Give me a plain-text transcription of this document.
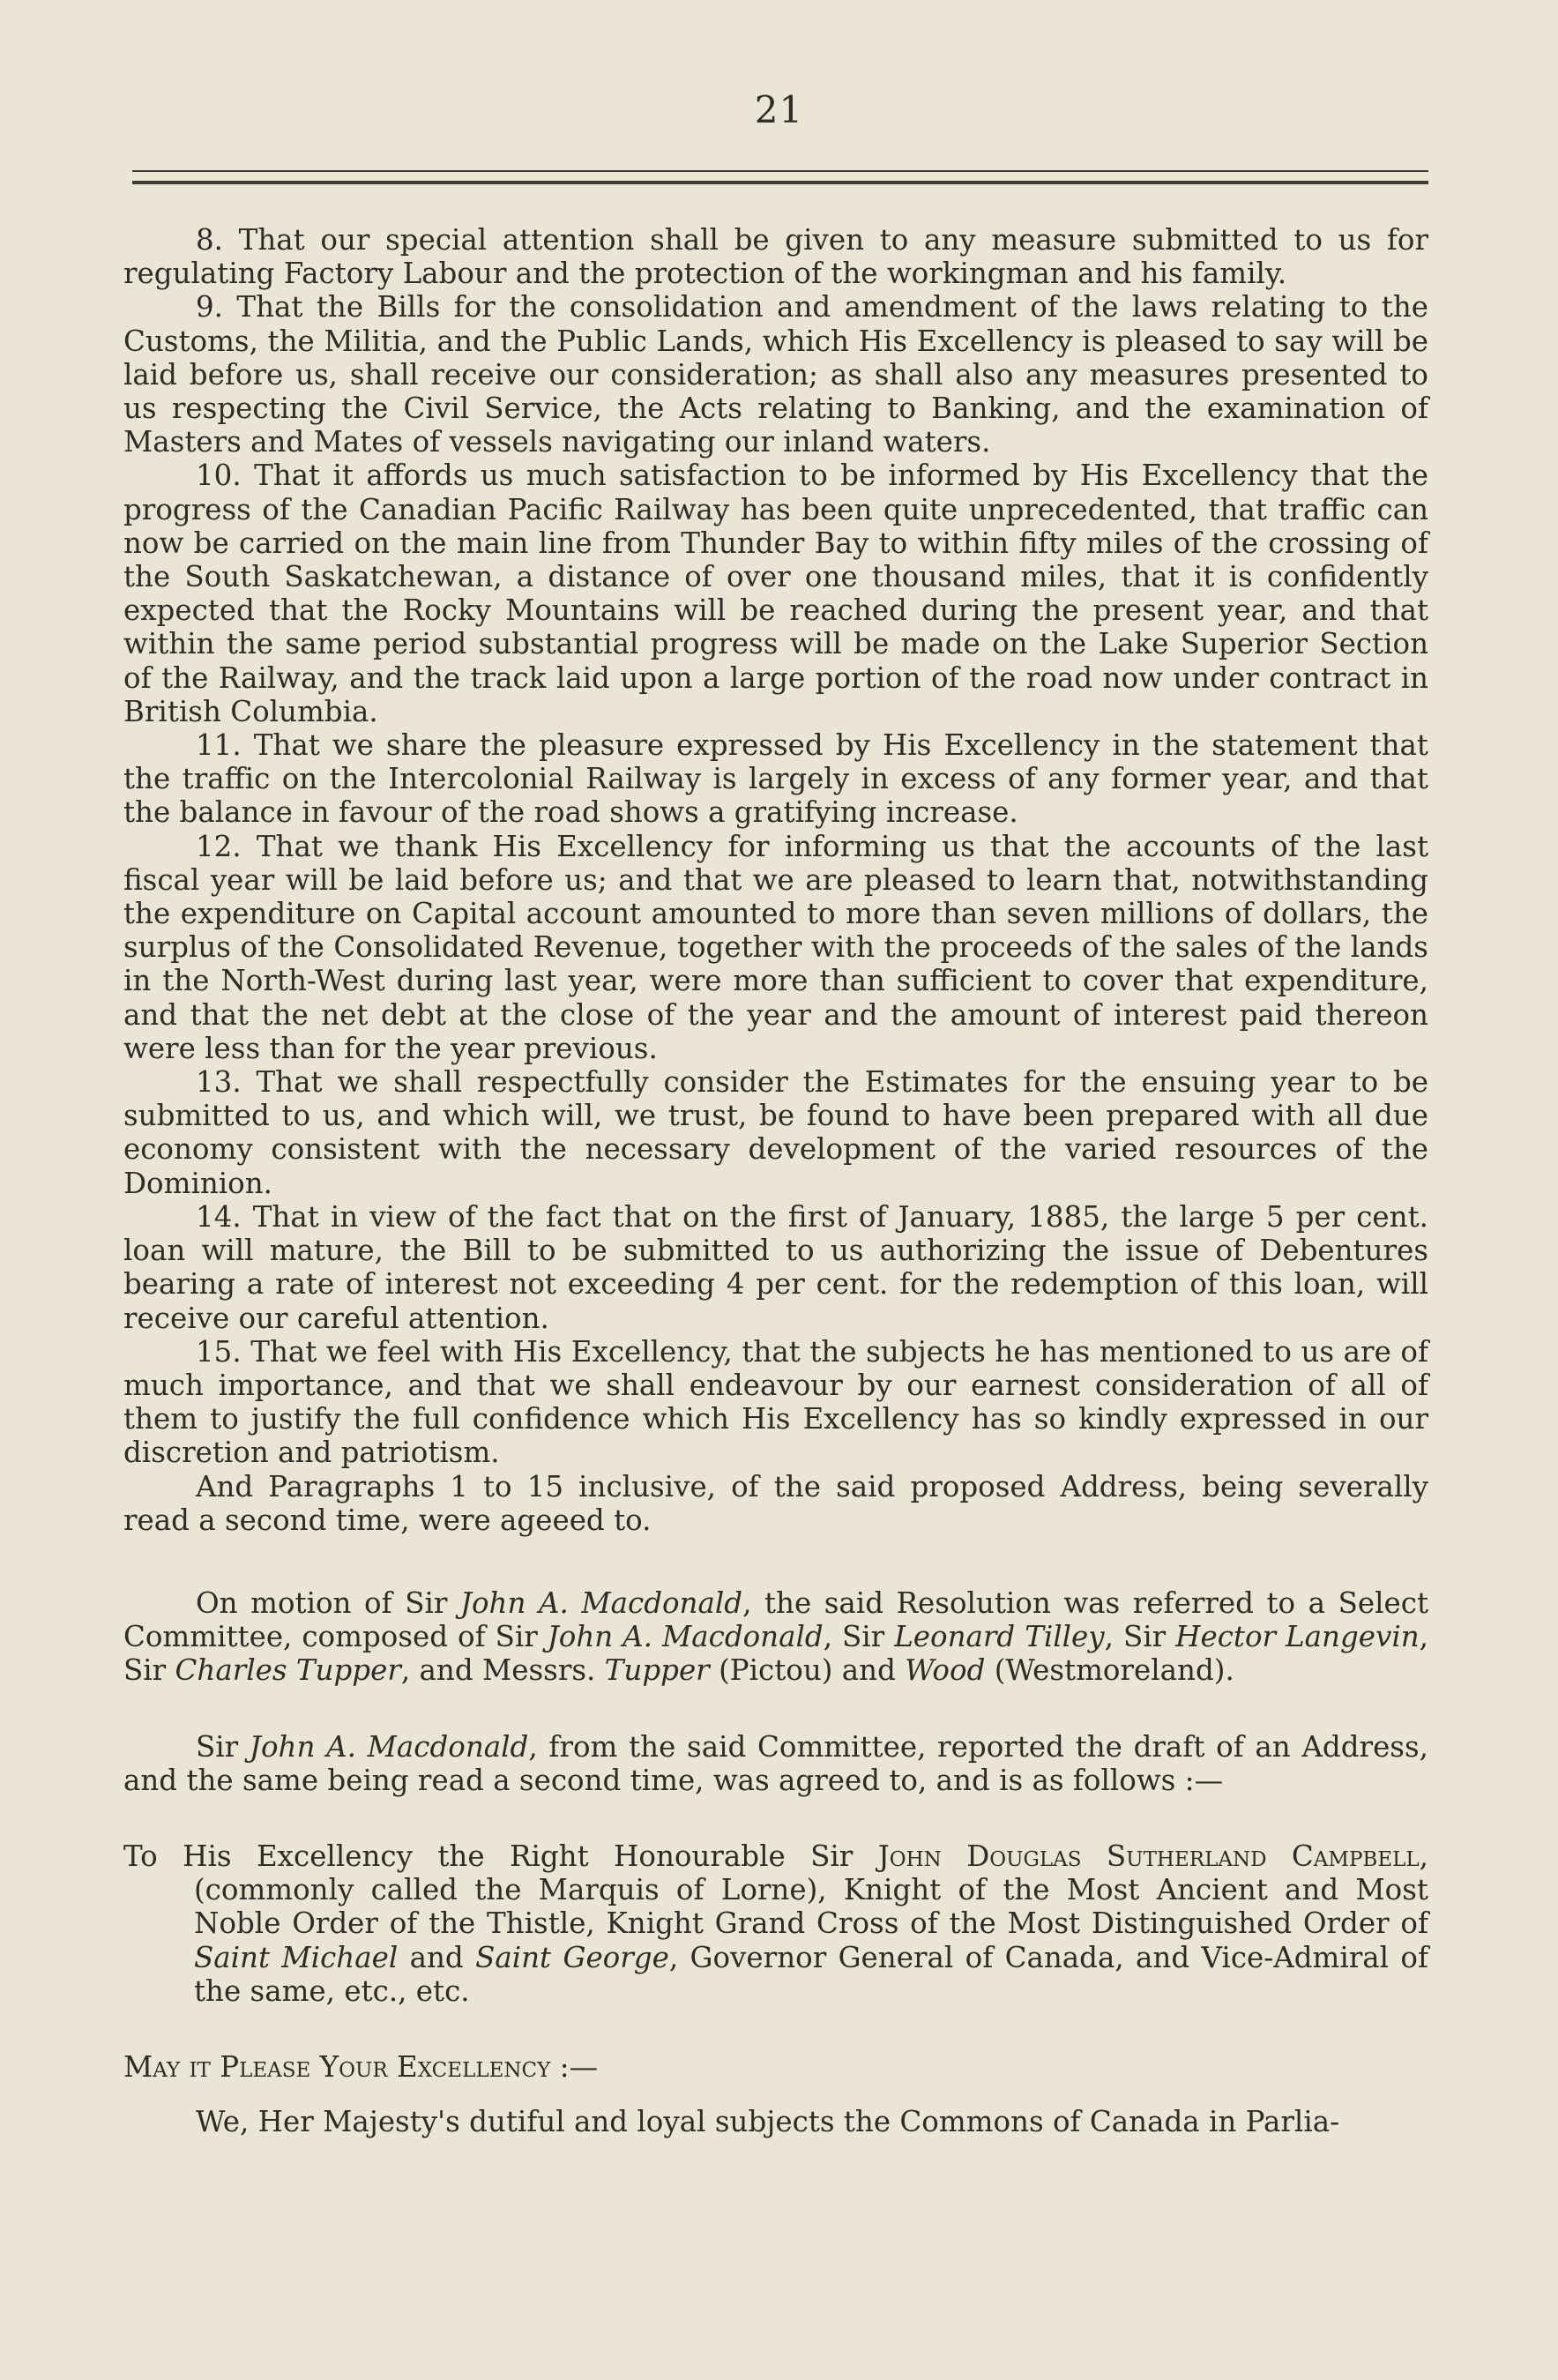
21

8. That our special attention shall be given to any measure submitted to us for regulating Factory Labour and the protection of the workingman and his family.

9. That the Bills for the consolidation and amendment of the laws relating to the Customs, the Militia, and the Public Lands, which His Excellency is pleased to say will be laid before us, shall receive our consideration; as shall also any measures presented to us respecting the Civil Service, the Acts relating to Banking, and the examination of Masters and Mates of vessels navigating our inland waters.

10. That it affords us much satisfaction to be informed by His Excellency that the progress of the Canadian Pacific Railway has been quite unprecedented, that traffic can now be carried on the main line from Thunder Bay to within fifty miles of the crossing of the South Saskatchewan, a distance of over one thousand miles, that it is confidently expected that the Rocky Mountains will be reached during the present year, and that within the same period substantial progress will be made on the Lake Superior Section of the Railway, and the track laid upon a large portion of the road now under contract in British Columbia.

11. That we share the pleasure expressed by His Excellency in the statement that the traffic on the Intercolonial Railway is largely in excess of any former year, and that the balance in favour of the road shows a gratifying increase.

12. That we thank His Excellency for informing us that the accounts of the last fiscal year will be laid before us; and that we are pleased to learn that, notwithstanding the expenditure on Capital account amounted to more than seven millions of dollars, the surplus of the Consolidated Revenue, together with the proceeds of the sales of the lands in the North-West during last year, were more than sufficient to cover that expenditure, and that the net debt at the close of the year and the amount of interest paid thereon were less than for the year previous.

13. That we shall respectfully consider the Estimates for the ensuing year to be submitted to us, and which will, we trust, be found to have been prepared with all due economy consistent with the necessary development of the varied resources of the Dominion.

14. That in view of the fact that on the first of January, 1885, the large 5 per cent. loan will mature, the Bill to be submitted to us authorizing the issue of Debentures bearing a rate of interest not exceeding 4 per cent. for the redemption of this loan, will receive our careful attention.

15. That we feel with His Excellency, that the subjects he has mentioned to us are of much importance, and that we shall endeavour by our earnest consideration of all of them to justify the full confidence which His Excellency has so kindly expressed in our discretion and patriotism.

And Paragraphs 1 to 15 inclusive, of the said proposed Address, being severally read a second time, were ageeed to.

On motion of Sir John A. Macdonald, the said Resolution was referred to a Select Committee, composed of Sir John A. Macdonald, Sir Leonard Tilley, Sir Hector Langevin, Sir Charles Tupper, and Messrs. Tupper (Pictou) and Wood (Westmoreland).

Sir John A. Macdonald, from the said Committee, reported the draft of an Address, and the same being read a second time, was agreed to, and is as follows :—

To His Excellency the Right Honourable Sir John Douglas Sutherland Campbell, (commonly called the Marquis of Lorne), Knight of the Most Ancient and Most Noble Order of the Thistle, Knight Grand Cross of the Most Distinguished Order of Saint Michael and Saint George, Governor General of Canada, and Vice-Admiral of the same, etc., etc.

May it Please Your Excellency :—

We, Her Majesty's dutiful and loyal subjects the Commons of Canada in Parlia-
